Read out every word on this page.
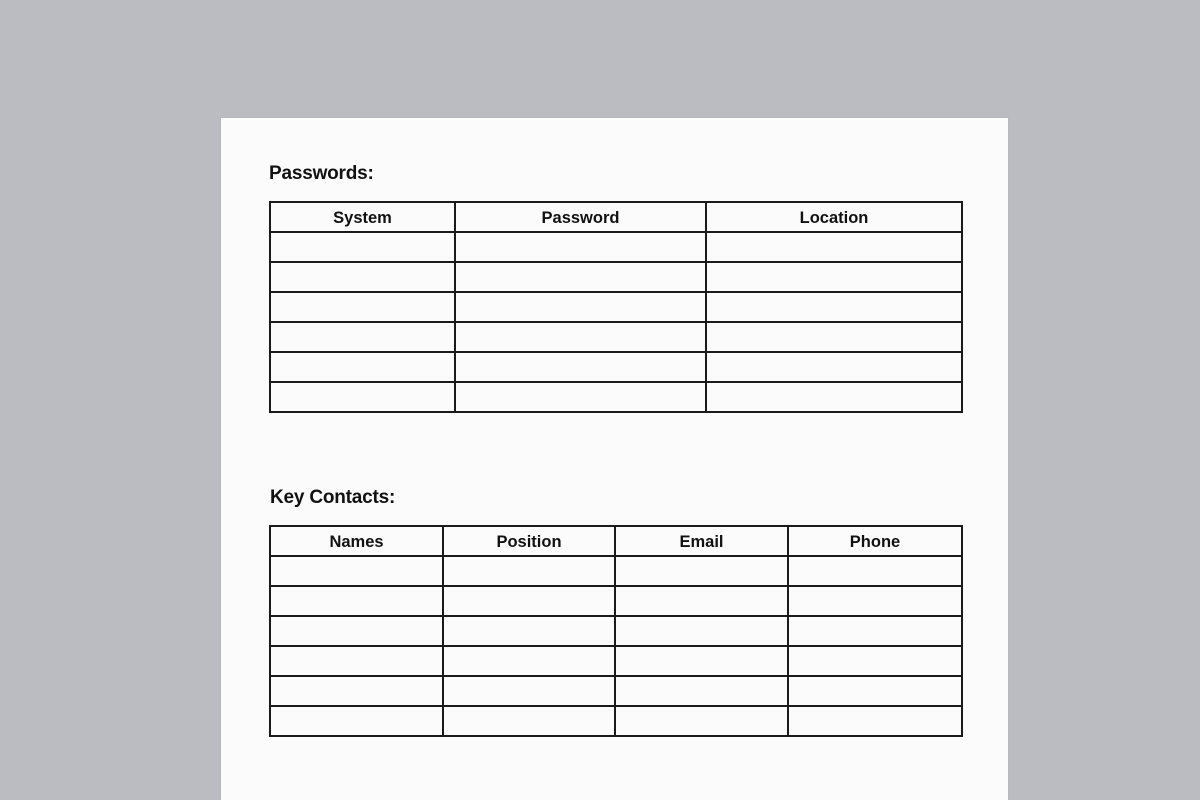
Passwords:
System	Password	Location

Key Contacts:
Names	Position	Email	Phone
